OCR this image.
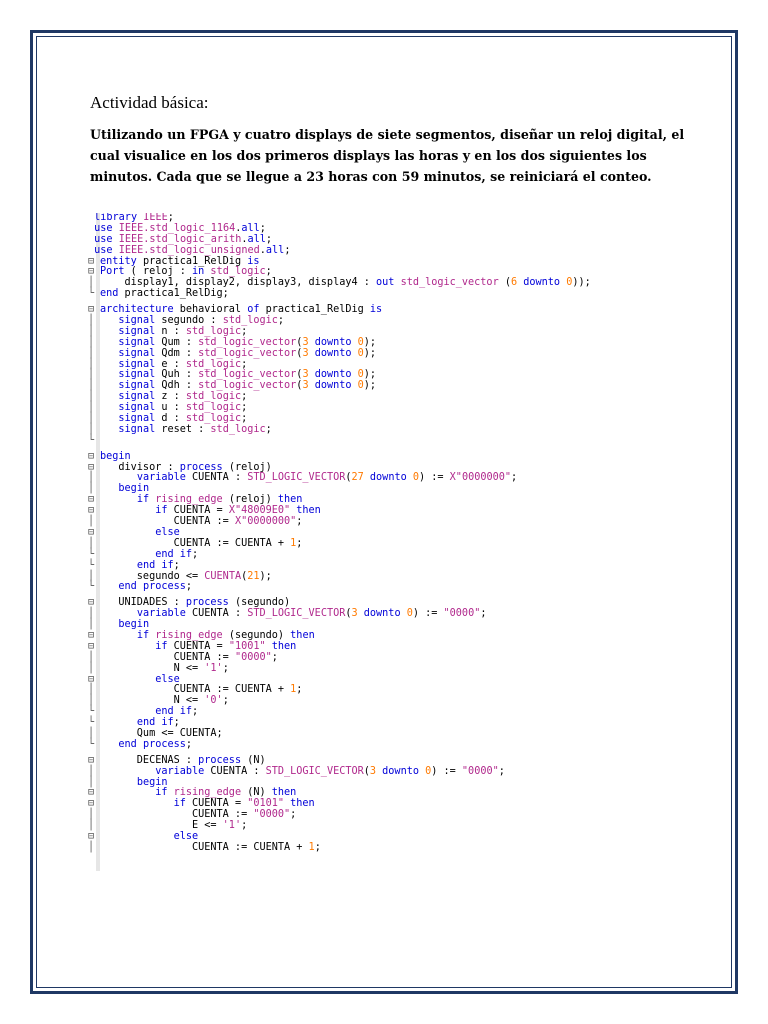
Actividad básica:
Utilizando un FPGA y cuatro displays de siete segmentos, diseñar un reloj digital, el cual visualice en los dos primeros displays las horas y en los dos siguientes los minutos. Cada que se llegue a 23 horas con 59 minutos, se reiniciará el conteo.
library IEEE;
use IEEE.std_logic_1164.all;
use IEEE.std_logic_arith.all;
use IEEE.std_logic_unsigned.all;
⊟ entity practica1_RelDig is
⊟ Port ( reloj : in std_logic;
│    display1, display2, display3, display4 : out std_logic_vector (6 downto 0));
└ end practica1_RelDig;
⊟ architecture behavioral of practica1_RelDig is
│ signal segundo : std_logic;
│ signal n : std_logic;
│ signal Qum : std_logic_vector(3 downto 0);
│ signal Qdm : std_logic_vector(3 downto 0);
│ signal e : std_logic;
│ signal Quh : std_logic_vector(3 downto 0);
│ signal Qdh : std_logic_vector(3 downto 0);
│ signal z : std_logic;
│ signal u : std_logic;
│ signal d : std_logic;
│ signal reset : std_logic;
└
⊟ begin
⊟   divisor : process (reloj)
│	variable CUENTA : STD_LOGIC_VECTOR(27 downto 0) := X"0000000";
│ begin
⊟	if rising_edge (reloj) then
⊟	if CUENTA = X"48009E0" then
│            CUENTA := X"0000000";
⊟	else
│            CUENTA := CUENTA + 1;
└	end if;
└	end if;
│      segundo <= CUENTA(21);
└ end process;
⊟   UNIDADES : process (segundo)
│	variable CUENTA : STD_LOGIC_VECTOR(3 downto 0) := "0000";
│ begin
⊟	if rising_edge (segundo) then
⊟	if CUENTA = "1001" then
│            CUENTA := "0000";
│            N <= '1';
⊟	else
│            CUENTA := CUENTA + 1;
│            N <= '0';
└	end if;
└	end if;
│      Qum <= CUENTA;
└ end process;
⊟      DECENAS : process (N)
│	variable CUENTA : STD_LOGIC_VECTOR(3 downto 0) := "0000";
│	begin
⊟	if rising_edge (N) then
⊟	if CUENTA = "0101" then
│               CUENTA := "0000";
│               E <= '1';
⊟	else
│               CUENTA := CUENTA + 1;
